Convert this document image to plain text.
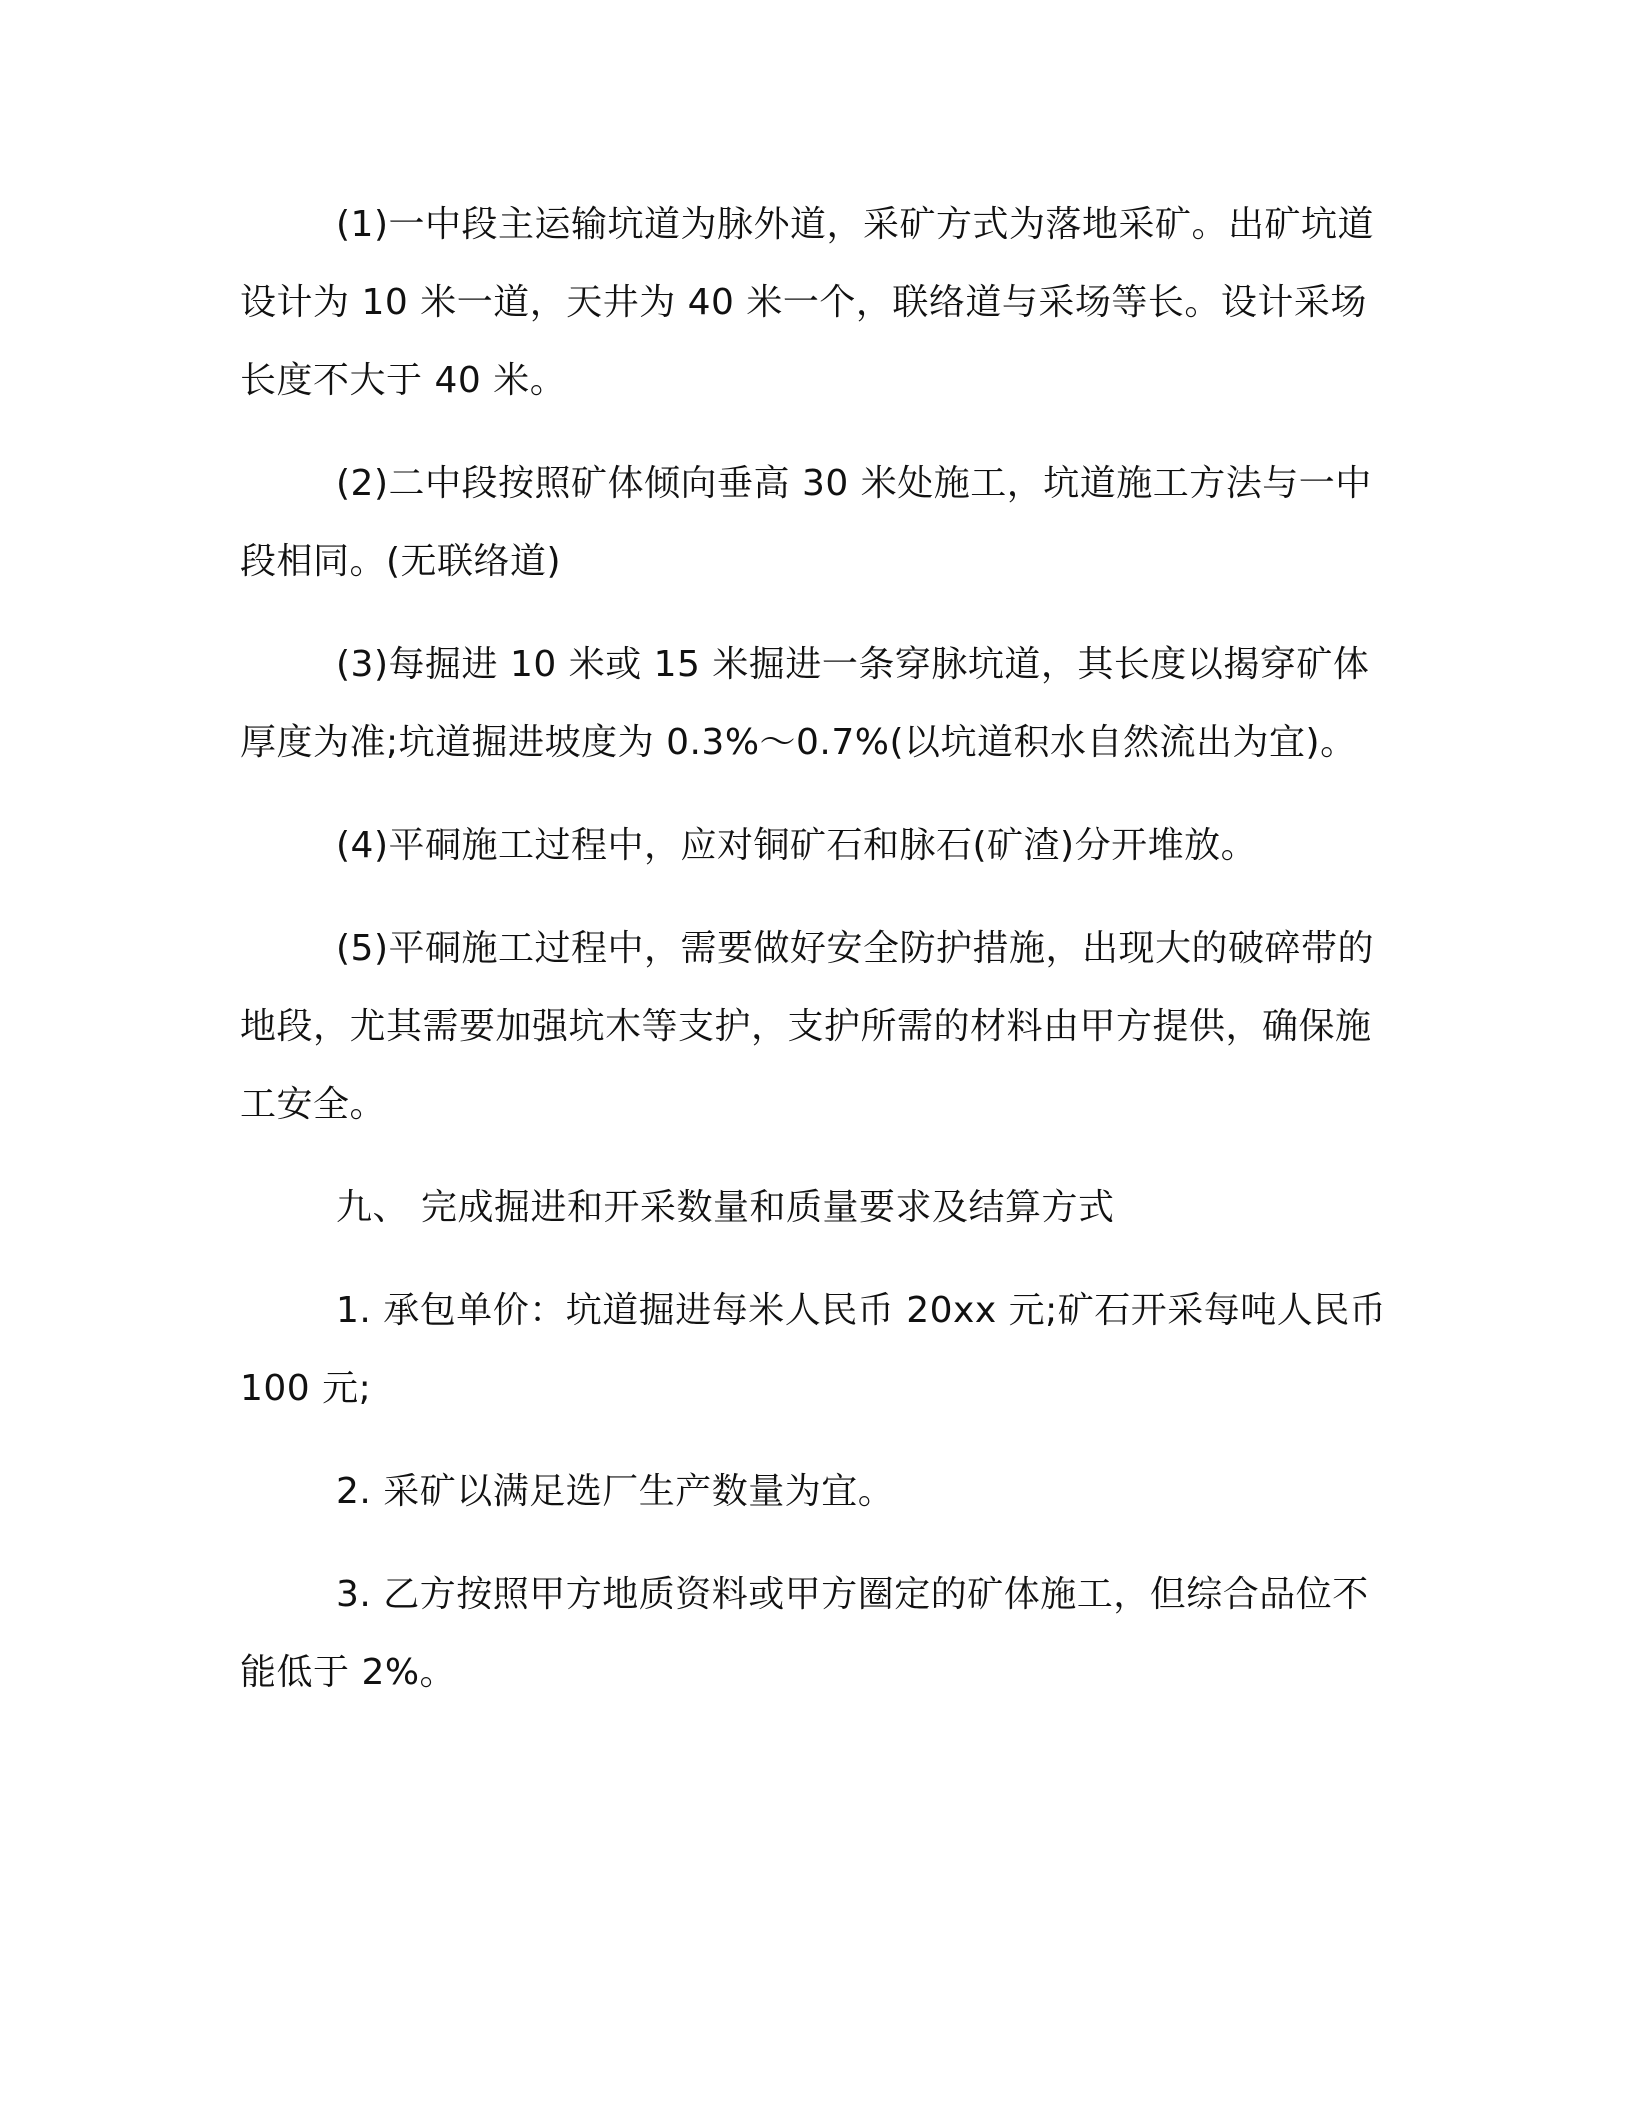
(1)一中段主运输坑道为脉外道，采矿方式为落地采矿。出矿坑道设计为 10 米一道，天井为 40 米一个，联络道与采场等长。设计采场长度不大于 40 米。

(2)二中段按照矿体倾向垂高 30 米处施工，坑道施工方法与一中段相同。(无联络道)

(3)每掘进 10 米或 15 米掘进一条穿脉坑道，其长度以揭穿矿体厚度为准;坑道掘进坡度为 0.3%～0.7%(以坑道积水自然流出为宜)。

(4)平硐施工过程中，应对铜矿石和脉石(矿渣)分开堆放。

(5)平硐施工过程中，需要做好安全防护措施，出现大的破碎带的地段，尤其需要加强坑木等支护，支护所需的材料由甲方提供，确保施工安全。

九、 完成掘进和开采数量和质量要求及结算方式

1. 承包单价：坑道掘进每米人民币 20xx 元;矿石开采每吨人民币100 元;

2. 采矿以满足选厂生产数量为宜。

3. 乙方按照甲方地质资料或甲方圈定的矿体施工，但综合品位不能低于 2%。
